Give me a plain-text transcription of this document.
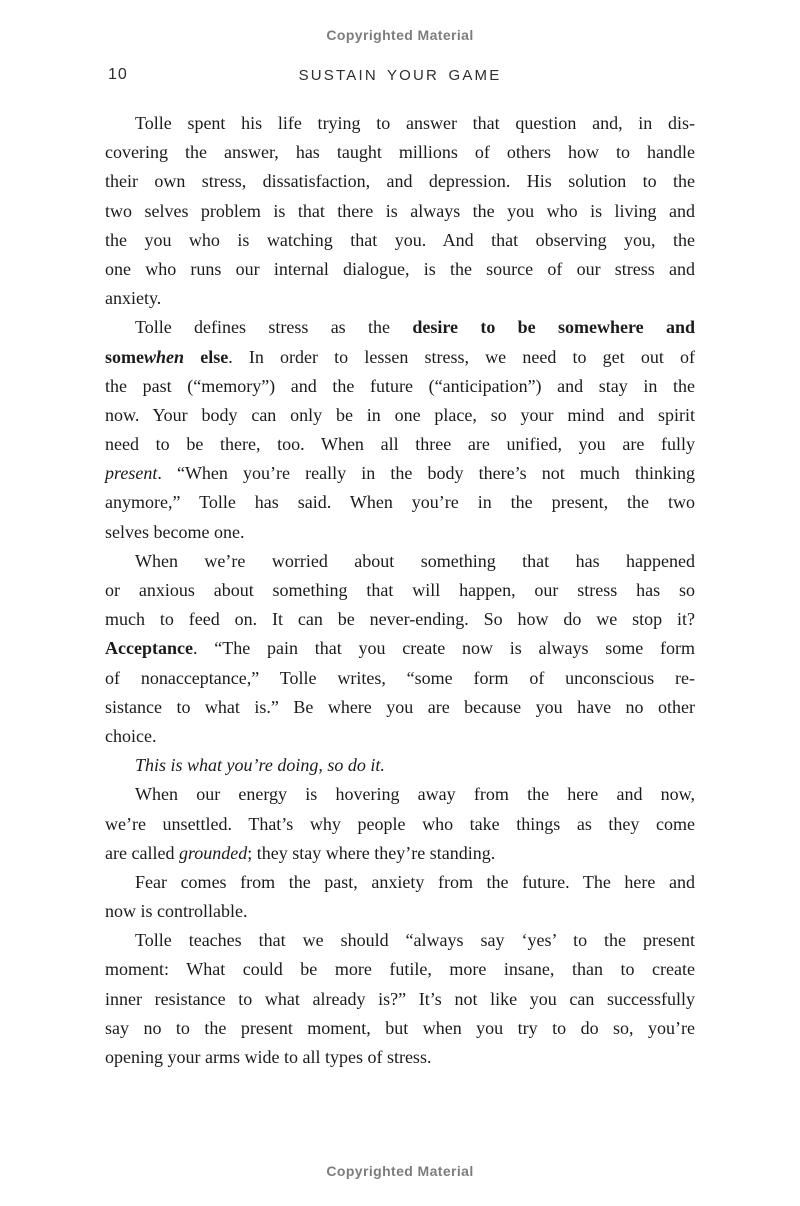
Copyrighted Material
10	SUSTAIN YOUR GAME
Tolle spent his life trying to answer that question and, in dis-
covering the answer, has taught millions of others how to handle
their own stress, dissatisfaction, and depression. His solution to the
two selves problem is that there is always the you who is living and
the you who is watching that you. And that observing you, the
one who runs our internal dialogue, is the source of our stress and
anxiety.
Tolle defines stress as the desire to be somewhere and
somewhen else. In order to lessen stress, we need to get out of
the past (“memory”) and the future (“anticipation”) and stay in the
now. Your body can only be in one place, so your mind and spirit
need to be there, too. When all three are unified, you are fully
present. “When you’re really in the body there’s not much thinking
anymore,” Tolle has said. When you’re in the present, the two
selves become one.
When we’re worried about something that has happened
or anxious about something that will happen, our stress has so
much to feed on. It can be never-ending. So how do we stop it?
Acceptance. “The pain that you create now is always some form
of nonacceptance,” Tolle writes, “some form of unconscious re-
sistance to what is.” Be where you are because you have no other
choice.
This is what you’re doing, so do it.
When our energy is hovering away from the here and now,
we’re unsettled. That’s why people who take things as they come
are called grounded; they stay where they’re standing.
Fear comes from the past, anxiety from the future. The here and
now is controllable.
Tolle teaches that we should “always say ‘yes’ to the present
moment: What could be more futile, more insane, than to create
inner resistance to what already is?” It’s not like you can successfully
say no to the present moment, but when you try to do so, you’re
opening your arms wide to all types of stress.
Copyrighted Material
